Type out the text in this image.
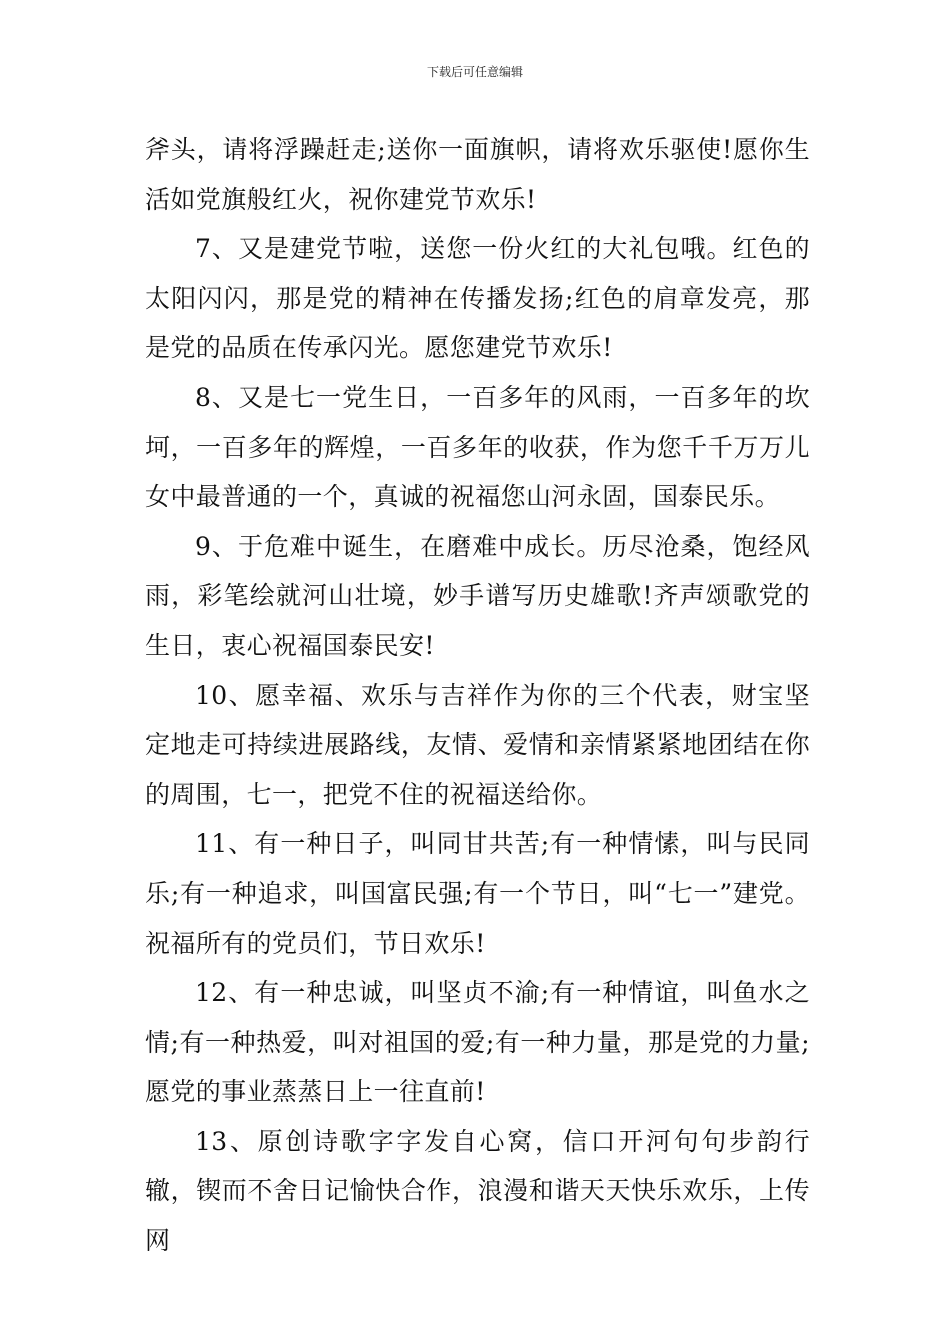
下载后可任意编辑

斧头，请将浮躁赶走;送你一面旗帜，请将欢乐驱使!愿你生活如党旗般红火，祝你建党节欢乐!

7、又是建党节啦，送您一份火红的大礼包哦。红色的太阳闪闪，那是党的精神在传播发扬;红色的肩章发亮，那是党的品质在传承闪光。愿您建党节欢乐!

8、又是七一党生日，一百多年的风雨，一百多年的坎坷，一百多年的辉煌，一百多年的收获，作为您千千万万儿女中最普通的一个，真诚的祝福您山河永固，国泰民乐。

9、于危难中诞生，在磨难中成长。历尽沧桑，饱经风雨，彩笔绘就河山壮境，妙手谱写历史雄歌!齐声颂歌党的生日，衷心祝福国泰民安!

10、愿幸福、欢乐与吉祥作为你的三个代表，财宝坚定地走可持续进展路线，友情、爱情和亲情紧紧地团结在你的周围，七一，把党不住的祝福送给你。

11、有一种日子，叫同甘共苦;有一种情愫，叫与民同乐;有一种追求，叫国富民强;有一个节日，叫“七一”建党。祝福所有的党员们，节日欢乐!

12、有一种忠诚，叫坚贞不渝;有一种情谊，叫鱼水之情;有一种热爱，叫对祖国的爱;有一种力量，那是党的力量;愿党的事业蒸蒸日上一往直前!

13、原创诗歌字字发自心窝，信口开河句句步韵行辙，锲而不舍日记愉快合作，浪漫和谐天天快乐欢乐，上传网
